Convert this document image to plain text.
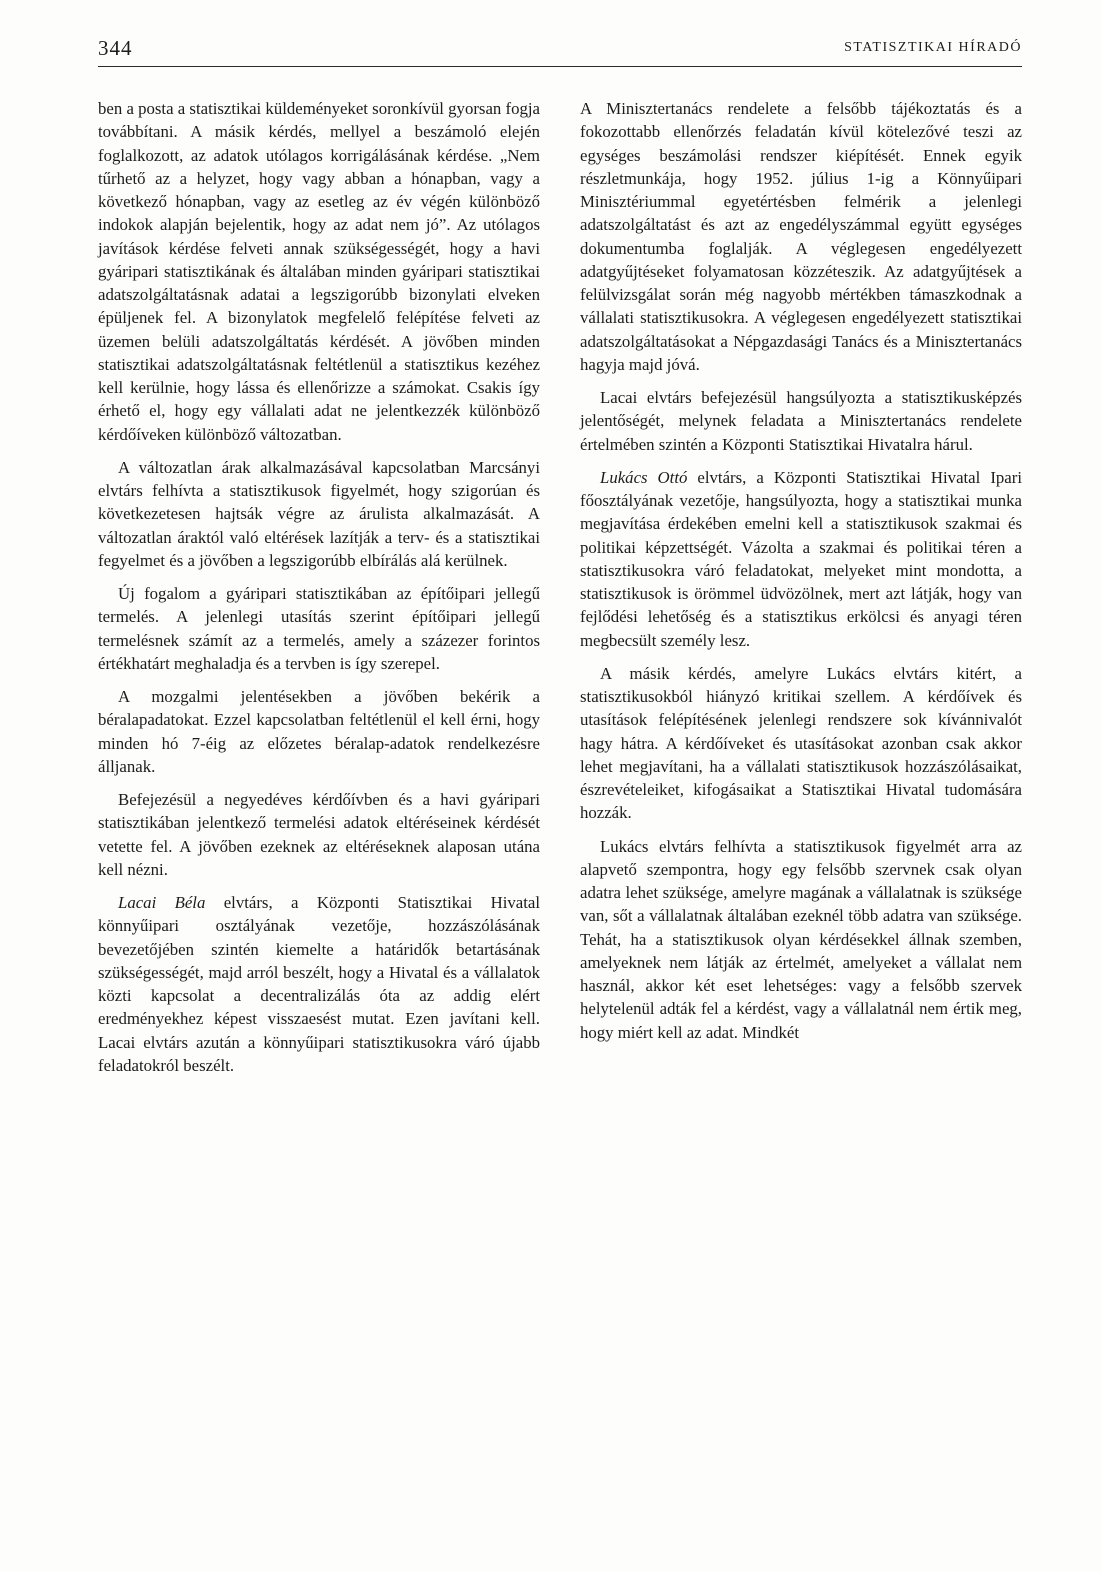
344	STATISZTIKAI HÍRADÓ

ben a posta a statisztikai küldeményeket soronkívül gyorsan fogja továbbítani. A másik kérdés, mellyel a beszámoló elején foglalkozott, az adatok utólagos korrigálásának kérdése. „Nem tűrhető az a helyzet, hogy vagy abban a hónapban, vagy a következő hónapban, vagy az esetleg az év végén különböző indokok alapján bejelentik, hogy az adat nem jó”. Az utólagos javítások kérdése felveti annak szükségességét, hogy a havi gyáripari statisztikának és általában minden gyáripari statisztikai adatszolgáltatásnak adatai a legszigorúbb bizonylati elveken épüljenek fel. A bizonylatok megfelelő felépítése felveti az üzemen belüli adatszolgáltatás kérdését. A jövőben minden statisztikai adatszolgáltatásnak feltétlenül a statisztikus kezéhez kell kerülnie, hogy lássa és ellenőrizze a számokat. Csakis így érhető el, hogy egy vállalati adat ne jelentkezzék különböző kérdőíveken különböző változatban.

A változatlan árak alkalmazásával kapcsolatban Marcsányi elvtárs felhívta a statisztikusok figyelmét, hogy szigorúan és következetesen hajtsák végre az árulista alkalmazását. A változatlan áraktól való eltérések lazítják a terv- és a statisztikai fegyelmet és a jövőben a legszigorúbb elbírálás alá kerülnek.

Új fogalom a gyáripari statisztikában az építőipari jellegű termelés. A jelenlegi utasítás szerint építőipari jellegű termelésnek számít az a termelés, amely a százezer forintos értékhatárt meghaladja és a tervben is így szerepel.

A mozgalmi jelentésekben a jövőben bekérik a béralapadatokat. Ezzel kapcsolatban feltétlenül el kell érni, hogy minden hó 7-éig az előzetes béralap-adatok rendelkezésre álljanak.

Befejezésül a negyedéves kérdőívben és a havi gyáripari statisztikában jelentkező termelési adatok eltéréseinek kérdését vetette fel. A jövőben ezeknek az eltéréseknek alaposan utána kell nézni.

Lacai Béla elvtárs, a Központi Statisztikai Hivatal könnyűipari osztályának vezetője, hozzászólásának bevezetőjében szintén kiemelte a határidők betartásának szükségességét, majd arról beszélt, hogy a Hivatal és a vállalatok közti kapcsolat a decentralizálás óta az addig elért eredményekhez képest visszaesést mutat. Ezen javítani kell. Lacai elvtárs azután a könnyűipari statisztikusokra váró újabb feladatokról beszélt.

A Minisztertanács rendelete a felsőbb tájékoztatás és a fokozottabb ellenőrzés feladatán kívül kötelezővé teszi az egységes beszámolási rendszer kiépítését. Ennek egyik részletmunkája, hogy 1952. július 1-ig a Könnyűipari Minisztériummal egyetértésben felmérik a jelenlegi adatszolgáltatást és azt az engedélyszámmal együtt egységes dokumentumba foglalják. A véglegesen engedélyezett adatgyűjtéseket folyamatosan közzéteszik. Az adatgyűjtések a felülvizsgálat során még nagyobb mértékben támaszkodnak a vállalati statisztikusokra. A véglegesen engedélyezett statisztikai adatszolgáltatásokat a Népgazdasági Tanács és a Minisztertanács hagyja majd jóvá.

Lacai elvtárs befejezésül hangsúlyozta a statisztikusképzés jelentőségét, melynek feladata a Minisztertanács rendelete értelmében szintén a Központi Statisztikai Hivatalra hárul.

Lukács Ottó elvtárs, a Központi Statisztikai Hivatal Ipari főosztályának vezetője, hangsúlyozta, hogy a statisztikai munka megjavítása érdekében emelni kell a statisztikusok szakmai és politikai képzettségét. Vázolta a szakmai és politikai téren a statisztikusokra váró feladatokat, melyeket mint mondotta, a statisztikusok is örömmel üdvözölnek, mert azt látják, hogy van fejlődési lehetőség és a statisztikus erkölcsi és anyagi téren megbecsült személy lesz.

A másik kérdés, amelyre Lukács elvtárs kitért, a statisztikusokból hiányzó kritikai szellem. A kérdőívek és utasítások felépítésének jelenlegi rendszere sok kívánnivalót hagy hátra. A kérdőíveket és utasításokat azonban csak akkor lehet megjavítani, ha a vállalati statisztikusok hozzászólásaikat, észrevételeiket, kifogásaikat a Statisztikai Hivatal tudomására hozzák.

Lukács elvtárs felhívta a statisztikusok figyelmét arra az alapvető szempontra, hogy egy felsőbb szervnek csak olyan adatra lehet szüksége, amelyre magának a vállalatnak is szüksége van, sőt a vállalatnak általában ezeknél több adatra van szüksége. Tehát, ha a statisztikusok olyan kérdésekkel állnak szemben, amelyeknek nem látják az értelmét, amelyeket a vállalat nem használ, akkor két eset lehetséges: vagy a felsőbb szervek helytelenül adták fel a kérdést, vagy a vállalatnál nem értik meg, hogy miért kell az adat. Mindkét
